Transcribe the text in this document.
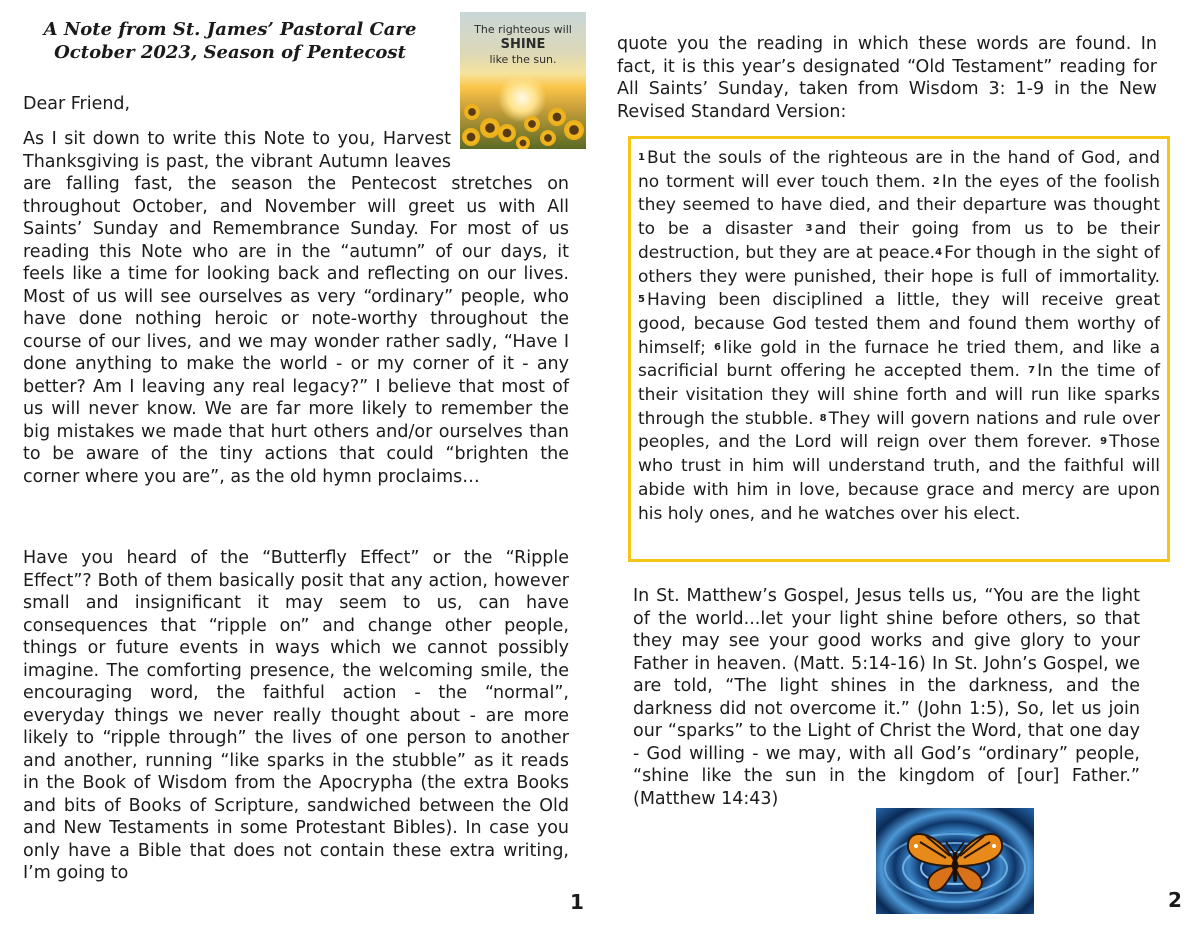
A Note from St. James’ Pastoral Care
October 2023, Season of Pentecost
The righteous will
SHINE
like the sun.

Dear Friend,

As I sit down to write this Note to you, Harvest Thanksgiving is past, the vibrant Autumn leaves are falling fast, the season the Pentecost stretches on throughout October, and November will greet us with All Saints’ Sunday and Remembrance Sunday. For most of us reading this Note who are in the “autumn” of our days, it feels like a time for looking back and reflecting on our lives. Most of us will see ourselves as very “ordinary” people, who have done nothing heroic or note-worthy throughout the course of our lives, and we may wonder rather sadly, “Have I done anything to make the world - or my corner of it - any better? Am I leaving any real legacy?” I believe that most of us will never know. We are far more likely to remember the big mistakes we made that hurt others and/or ourselves than to be aware of the tiny actions that could “brighten the corner where you are”, as the old hymn proclaims…

Have you heard of the “Butterfly Effect” or the “Ripple Effect”? Both of them basically posit that any action, however small and insignificant it may seem to us, can have consequences that “ripple on” and change other people, things or future events in ways which we cannot possibly imagine. The comforting presence, the welcoming smile, the encouraging word, the faithful action - the “normal”, everyday things we never really thought about - are more likely to “ripple through” the lives of one person to another and another, running “like sparks in the stubble” as it reads in the Book of Wisdom from the Apocrypha (the extra Books and bits of Books of Scripture, sandwiched between the Old and New Testaments in some Protestant Bibles). In case you only have a Bible that does not contain these extra writing, I’m going to

1

quote you the reading in which these words are found. In fact, it is this year’s designated “Old Testament” reading for All Saints’ Sunday, taken from Wisdom 3: 1-9 in the New Revised Standard Version:

$^1$ But the souls of the righteous are in the hand of God, and no torment will ever touch them. $^2$ In the eyes of the foolish they seemed to have died, and their departure was thought to be a disaster $^3$ and their going from us to be their destruction, but they are at peace.$^4$ For though in the sight of others they were punished, their hope is full of immortality. $^5$ Having been disciplined a little, they will receive great good, because God tested them and found them worthy of himself; $^6$ like gold in the furnace he tried them, and like a sacrificial burnt offering he accepted them. $^7$ In the time of their visitation they will shine forth and will run like sparks through the stubble. $^8$ They will govern nations and rule over peoples, and the Lord will reign over them forever. $^9$ Those who trust in him will understand truth, and the faithful will abide with him in love, because grace and mercy are upon his holy ones, and he watches over his elect.

In St. Matthew’s Gospel, Jesus tells us, “You are the light of the world...let your light shine before others, so that they may see your good works and give glory to your Father in heaven. (Matt. 5:14-16) In St. John’s Gospel, we are told, “The light shines in the darkness, and the darkness did not overcome it.” (John 1:5), So, let us join our “sparks” to the Light of Christ the Word, that one day - God willing - we may, with all God’s “ordinary” people, “shine like the sun in the kingdom of [our] Father.” (Matthew 14:43)

2
